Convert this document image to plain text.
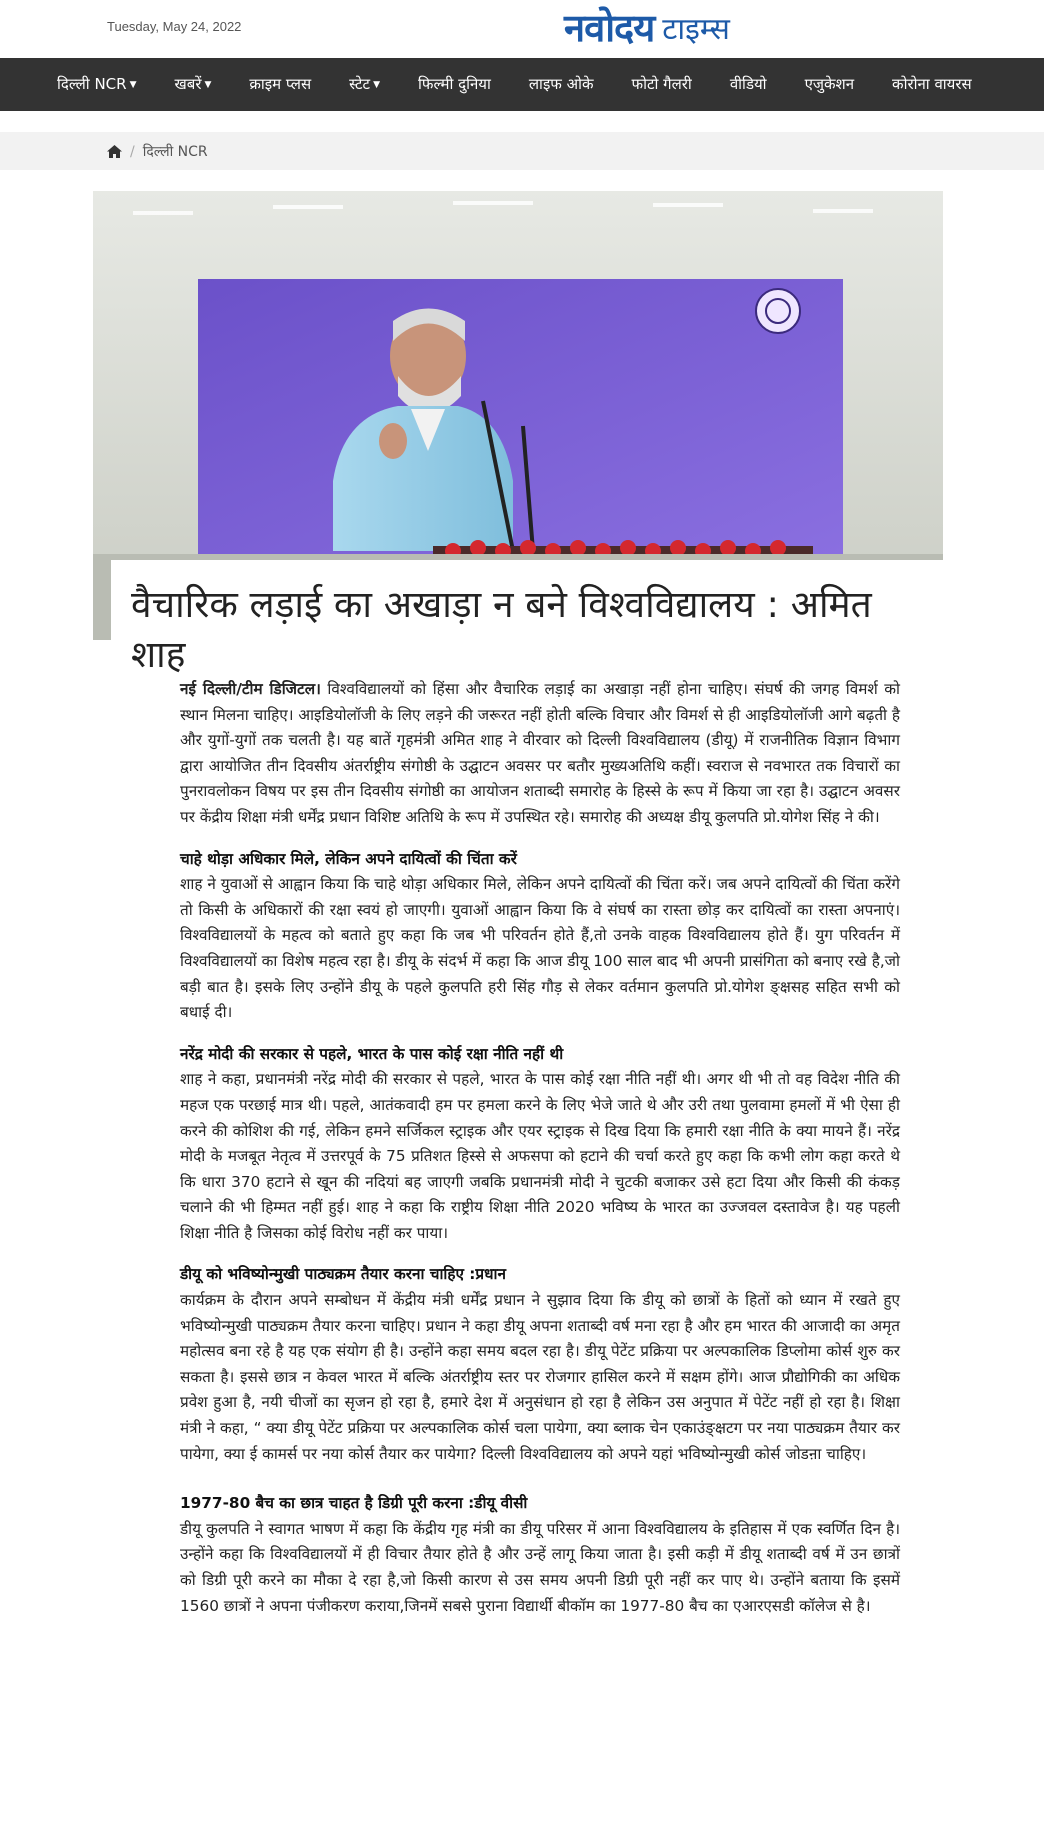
Tuesday, May 24, 2022	नवोदय टाइम्स
दिल्ली NCR ▼	खबरें ▼	क्राइम प्लस	स्टेट ▼	फिल्मी दुनिया	लाइफ ओके	फोटो गैलरी	वीडियो	एजुकेशन	कोरोना वायरस
/ दिल्ली NCR
वैचारिक लड़ाई का अखाड़ा न बने विश्वविद्यालय : अमित शाह

नई दिल्ली/टीम डिजिटल। विश्वविद्यालयों को हिंसा और वैचारिक लड़ाई का अखाड़ा नहीं होना चाहिए। संघर्ष की जगह विमर्श को स्थान मिलना चाहिए। आइडियोलॉजी के लिए लड़ने की जरूरत नहीं होती बल्कि विचार और विमर्श से ही आइडियोलॉजी आगे बढ़ती है और युगों-युगों तक चलती है। यह बातें गृहमंत्री अमित शाह ने वीरवार को दिल्ली विश्वविद्यालय (डीयू) में राजनीतिक विज्ञान विभाग द्वारा आयोजित तीन दिवसीय अंतर्राष्ट्रीय संगोष्ठी के उद्घाटन अवसर पर बतौर मुख्यअतिथि कहीं। स्वराज से नवभारत तक विचारों का पुनरावलोकन विषय पर इस तीन दिवसीय संगोष्ठी का आयोजन शताब्दी समारोह के हिस्से के रूप में किया जा रहा है। उद्घाटन अवसर पर केंद्रीय शिक्षा मंत्री धर्मेंद्र प्रधान विशिष्ट अतिथि के रूप में उपस्थित रहे। समारोह की अध्यक्ष डीयू कुलपति प्रो.योगेश सिंह ने की।

चाहे थोड़ा अधिकार मिले, लेकिन अपने दायित्वों की चिंता करें
शाह ने युवाओं से आह्वान किया कि चाहे थोड़ा अधिकार मिले, लेकिन अपने दायित्वों की चिंता करें। जब अपने दायित्वों की चिंता करेंगे तो किसी के अधिकारों की रक्षा स्वयं हो जाएगी। युवाओं आह्वान किया कि वे संघर्ष का रास्ता छोड़ कर दायित्वों का रास्ता अपनाएं। विश्वविद्यालयों के महत्व को बताते हुए कहा कि जब भी परिवर्तन होते हैं,तो उनके वाहक विश्वविद्यालय होते हैं। युग परिवर्तन में विश्वविद्यालयों का विशेष महत्व रहा है। डीयू के संदर्भ में कहा कि आज डीयू 100 साल बाद भी अपनी प्रासंगिता को बनाए रखे है,जो बड़ी बात है। इसके लिए उन्होंने डीयू के पहले कुलपति हरी सिंह गौड़ से लेकर वर्तमान कुलपति प्रो.योगेश ङ्क्षसह सहित सभी को बधाई दी।

नरेंद्र मोदी की सरकार से पहले, भारत के पास कोई रक्षा नीति नहीं थी
शाह ने कहा, प्रधानमंत्री नरेंद्र मोदी की सरकार से पहले, भारत के पास कोई रक्षा नीति नहीं थी। अगर थी भी तो वह विदेश नीति की महज एक परछाई मात्र थी। पहले, आतंकवादी हम पर हमला करने के लिए भेजे जाते थे और उरी तथा पुलवामा हमलों में भी ऐसा ही करने की कोशिश की गई, लेकिन हमने सर्जिकल स्ट्राइक और एयर स्ट्राइक से दिख दिया कि हमारी रक्षा नीति के क्या मायने हैं। नरेंद्र मोदी के मजबूत नेतृत्व में उत्तरपूर्व के 75 प्रतिशत हिस्से से अफसपा को हटाने की चर्चा करते हुए कहा कि कभी लोग कहा करते थे कि धारा 370 हटाने से खून की नदियां बह जाएगी जबकि प्रधानमंत्री मोदी ने चुटकी बजाकर उसे हटा दिया और किसी की कंकड़ चलाने की भी हिम्मत नहीं हुई। शाह ने कहा कि राष्ट्रीय शिक्षा नीति 2020 भविष्य के भारत का उज्जवल दस्तावेज है। यह पहली शिक्षा नीति है जिसका कोई विरोध नहीं कर पाया।

डीयू को भविष्योन्मुखी पाठ्यक्रम तैयार करना चाहिए :प्रधान
कार्यक्रम के दौरान अपने सम्बोधन में केंद्रीय मंत्री धर्मेंद्र प्रधान ने सुझाव दिया कि डीयू को छात्रों के हितों को ध्यान में रखते हुए भविष्योन्मुखी पाठ्यक्रम तैयार करना चाहिए। प्रधान ने कहा डीयू अपना शताब्दी वर्ष मना रहा है और हम भारत की आजादी का अमृत महोत्सव बना रहे है यह एक संयोग ही है। उन्होंने कहा समय बदल रहा है। डीयू पेटेंट प्रक्रिया पर अल्पकालिक डिप्लोमा कोर्स शुरु कर सकता है। इससे छात्र न केवल भारत में बल्कि अंतर्राष्ट्रीय स्तर पर रोजगार हासिल करने में सक्षम होंगे। आज प्रौद्योगिकी का अधिक प्रवेश हुआ है, नयी चीजों का सृजन हो रहा है, हमारे देश में अनुसंधान हो रहा है लेकिन उस अनुपात में पेटेंट नहीं हो रहा है। शिक्षा मंत्री ने कहा, “ क्या डीयू पेटेंट प्रक्रिया पर अल्पकालिक कोर्स चला पायेगा, क्या ब्लाक चेन एकाउंङ्क्षटग पर नया पाठ्यक्रम तैयार कर पायेगा, क्या ई कामर्स पर नया कोर्स तैयार कर पायेगा? दिल्ली विश्वविद्यालय को अपने यहां भविष्योन्मुखी कोर्स जोडऩा चाहिए।

1977-80 बैच का छात्र चाहत है डिग्री पूरी करना :डीयू वीसी
डीयू कुलपति ने स्वागत भाषण में कहा कि केंद्रीय गृह मंत्री का डीयू परिसर में आना विश्वविद्यालय के इतिहास में एक स्वर्णित दिन है। उन्होंने कहा कि विश्वविद्यालयों में ही विचार तैयार होते है और उन्हें लागू किया जाता है। इसी कड़ी में डीयू शताब्दी वर्ष में उन छात्रों को डिग्री पूरी करने का मौका दे रहा है,जो किसी कारण से उस समय अपनी डिग्री पूरी नहीं कर पाए थे। उन्होंने बताया कि इसमें 1560 छात्रों ने अपना पंजीकरण कराया,जिनमें सबसे पुराना विद्यार्थी बीकॉम का 1977-80 बैच का एआरएसडी कॉलेज से है।
